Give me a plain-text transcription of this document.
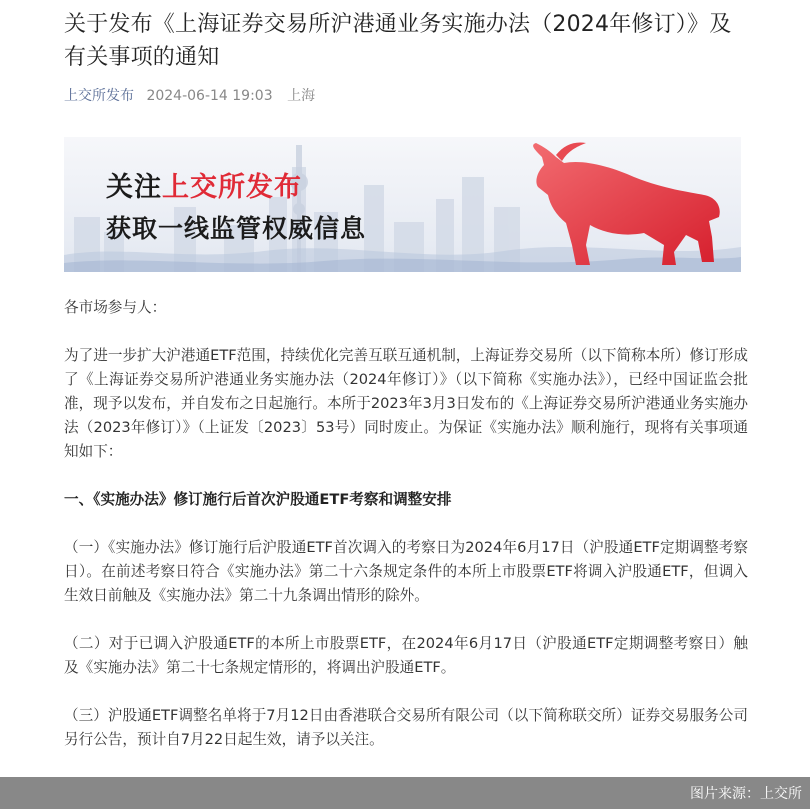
关于发布《上海证券交易所沪港通业务实施办法（2024年修订）》及有关事项的通知
上交所发布 2024-06-14 19:03 上海
关注上交所发布
获取一线监管权威信息

各市场参与人：

为了进一步扩大沪港通ETF范围，持续优化完善互联互通机制，上海证券交易所（以下简称本所）修订形成了《上海证券交易所沪港通业务实施办法（2024年修订）》（以下简称《实施办法》），已经中国证监会批准，现予以发布，并自发布之日起施行。本所于2023年3月3日发布的《上海证券交易所沪港通业务实施办法（2023年修订）》（上证发〔2023〕53号）同时废止。为保证《实施办法》顺利施行，现将有关事项通知如下：

一、《实施办法》修订施行后首次沪股通ETF考察和调整安排

（一）《实施办法》修订施行后沪股通ETF首次调入的考察日为2024年6月17日（沪股通ETF定期调整考察日）。在前述考察日符合《实施办法》第二十六条规定条件的本所上市股票ETF将调入沪股通ETF，但调入生效日前触及《实施办法》第二十九条调出情形的除外。

（二）对于已调入沪股通ETF的本所上市股票ETF，在2024年6月17日（沪股通ETF定期调整考察日）触及《实施办法》第二十七条规定情形的，将调出沪股通ETF。

（三）沪股通ETF调整名单将于7月12日由香港联合交易所有限公司（以下简称联交所）证券交易服务公司另行公告，预计自7月22日起生效，请予以关注。

图片来源：上交所
